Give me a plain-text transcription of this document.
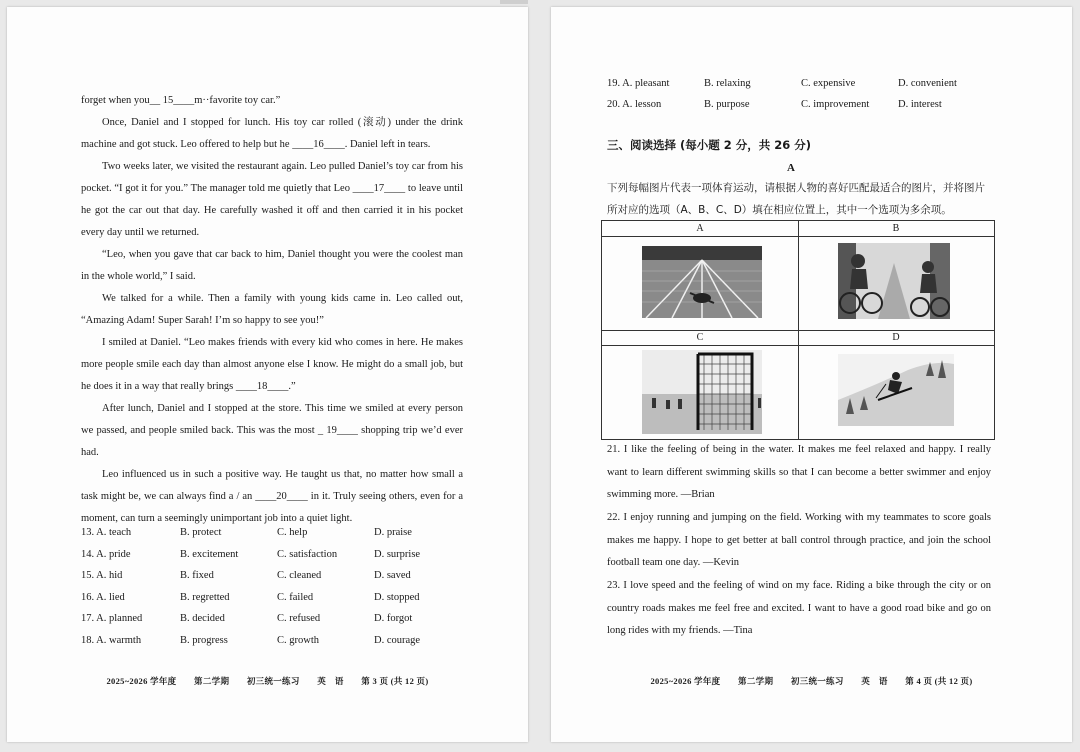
forget when you__ 15____m··favorite toy car.”
Once, Daniel and I stopped for lunch. His toy car rolled (滚动) under the drink machine and got stuck. Leo offered to help but he ____16____. Daniel left in tears.
Two weeks later, we visited the restaurant again. Leo pulled Daniel’s toy car from his pocket. “I got it for you.” The manager told me quietly that Leo ____17____ to leave until he got the car out that day. He carefully washed it off and then carried it in his pocket every day until we returned.
“Leo, when you gave that car back to him, Daniel thought you were the coolest man in the whole world,” I said.
We talked for a while. Then a family with young kids came in. Leo called out, “Amazing Adam! Super Sarah! I’m so happy to see you!”
I smiled at Daniel. “Leo makes friends with every kid who comes in here. He makes more people smile each day than almost anyone else I know. He might do a small job, but he does it in a way that really brings ____18____.”
After lunch, Daniel and I stopped at the store. This time we smiled at every person we passed, and people smiled back. This was the most _ 19____ shopping trip we’d ever had.
Leo influenced us in such a positive way. He taught us that, no matter how small a task might be, we can always find a / an ____20____ in it. Truly seeing others, even for a moment, can turn a seemingly unimportant job into a quiet light.
13. A. teach	B. protect	C. help	D. praise
14. A. pride	B. excitement	C. satisfaction	D. surprise
15. A. hid	B. fixed	C. cleaned	D. saved
16. A. lied	B. regretted	C. failed	D. stopped
17. A. planned	B. decided	C. refused	D. forgot
18. A. warmth	B. progress	C. growth	D. courage
2025~2026 学年度　　第二学期　　初三统一练习　　英　语　　第 3 页 (共 12 页)
19. A. pleasant	B. relaxing	C. expensive	D. convenient
20. A. lesson	B. purpose	C. improvement	D. interest
三、阅读选择 (每小题 2 分，共 26 分)
A
下列每幅图片代表一项体育运动，请根据人物的喜好匹配最适合的图片，并将图片所对应的选项（A、B、C、D）填在相应位置上，其中一个选项为多余项。
A	B
C	D
21. I like the feeling of being in the water. It makes me feel relaxed and happy. I really want to learn different swimming skills so that I can become a better swimmer and enjoy swimming more. —Brian
22. I enjoy running and jumping on the field. Working with my teammates to score goals makes me happy. I hope to get better at ball control through practice, and join the school football team one day. —Kevin
23. I love speed and the feeling of wind on my face. Riding a bike through the city or on country roads makes me feel free and excited. I want to have a good road bike and go on long rides with my friends. —Tina
2025~2026 学年度　　第二学期　　初三统一练习　　英　语　　第 4 页 (共 12 页)
